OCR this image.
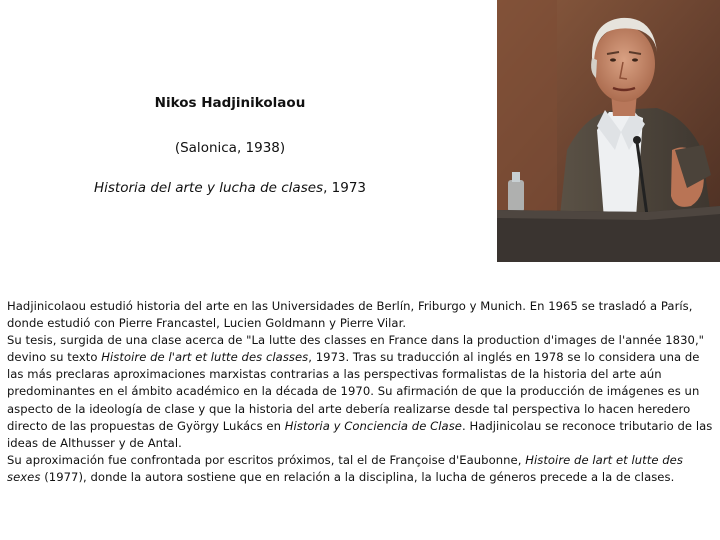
Nikos Hadjinikolaou
(Salonica, 1938)
Historia del arte y lucha de clases, 1973

Hadjinicolaou estudió historia del arte en las Universidades de Berlín, Friburgo y Munich. En 1965 se trasladó a París, donde estudió con Pierre Francastel, Lucien Goldmann y Pierre Vilar.

Su tesis, surgida de una clase acerca de "La lutte des classes en France dans la production d'images de l'année 1830," devino su texto Histoire de l'art et lutte des classes, 1973. Tras su traducción al inglés en 1978 se lo considera una de las más preclaras aproximaciones marxistas contrarias a las perspectivas formalistas de la historia del arte aún predominantes en el ámbito académico en la década de 1970. Su afirmación de que la producción de imágenes es un aspecto de la ideología de clase y que la historia del arte debería realizarse desde tal perspectiva lo hacen heredero directo de las propuestas de György Lukács en Historia y Conciencia de Clase. Hadjinicolau se reconoce tributario de las ideas de Althusser y de Antal.

Su aproximación fue confrontada por escritos próximos, tal el de Françoise d'Eaubonne, Histoire de lart et lutte des sexes (1977), donde la autora sostiene que en relación a la disciplina, la lucha de géneros precede a la de clases.
